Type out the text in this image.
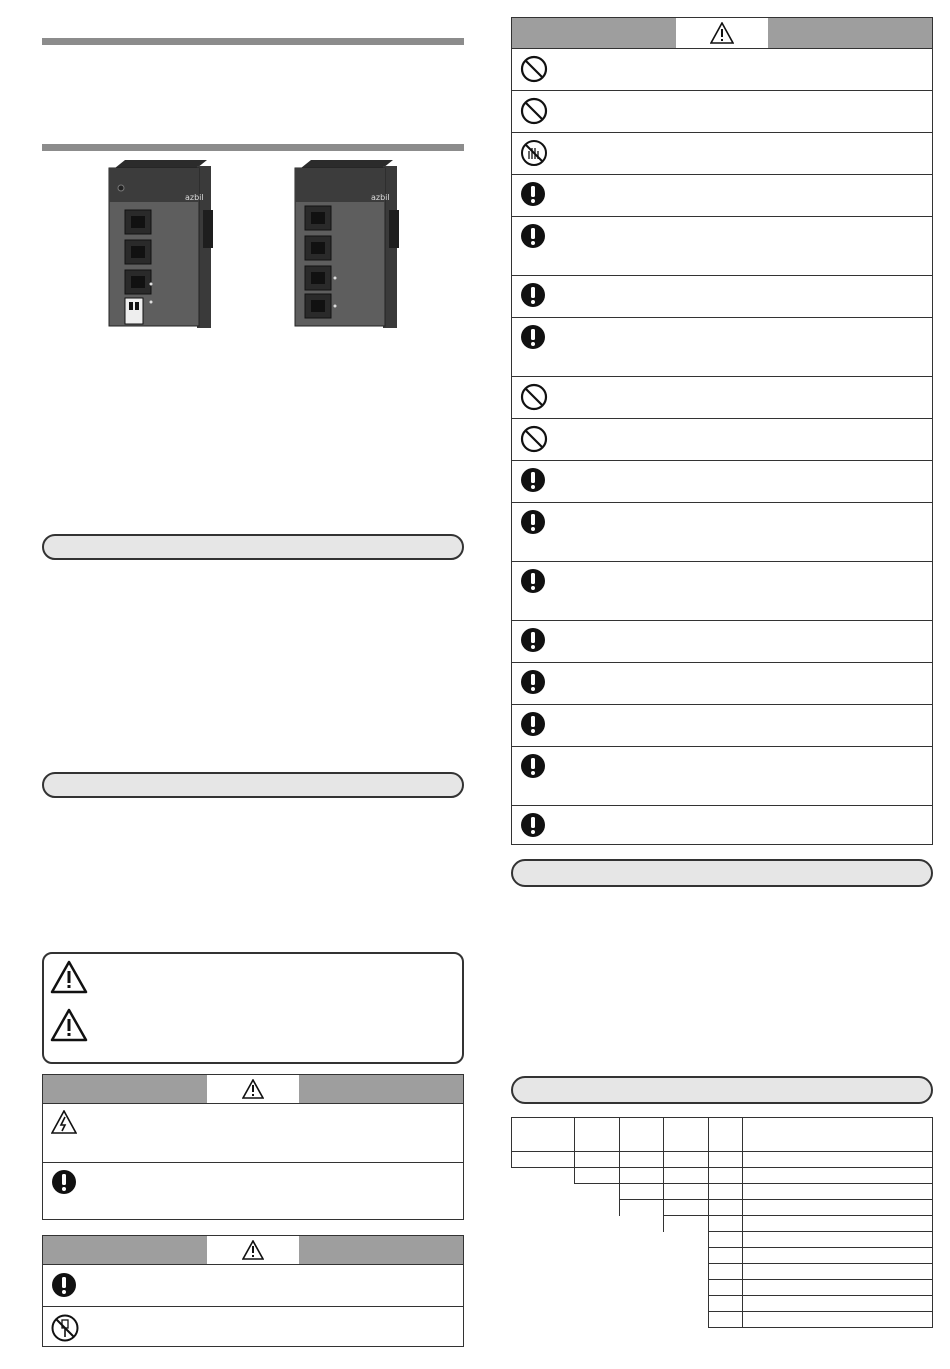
azbil	azbil
